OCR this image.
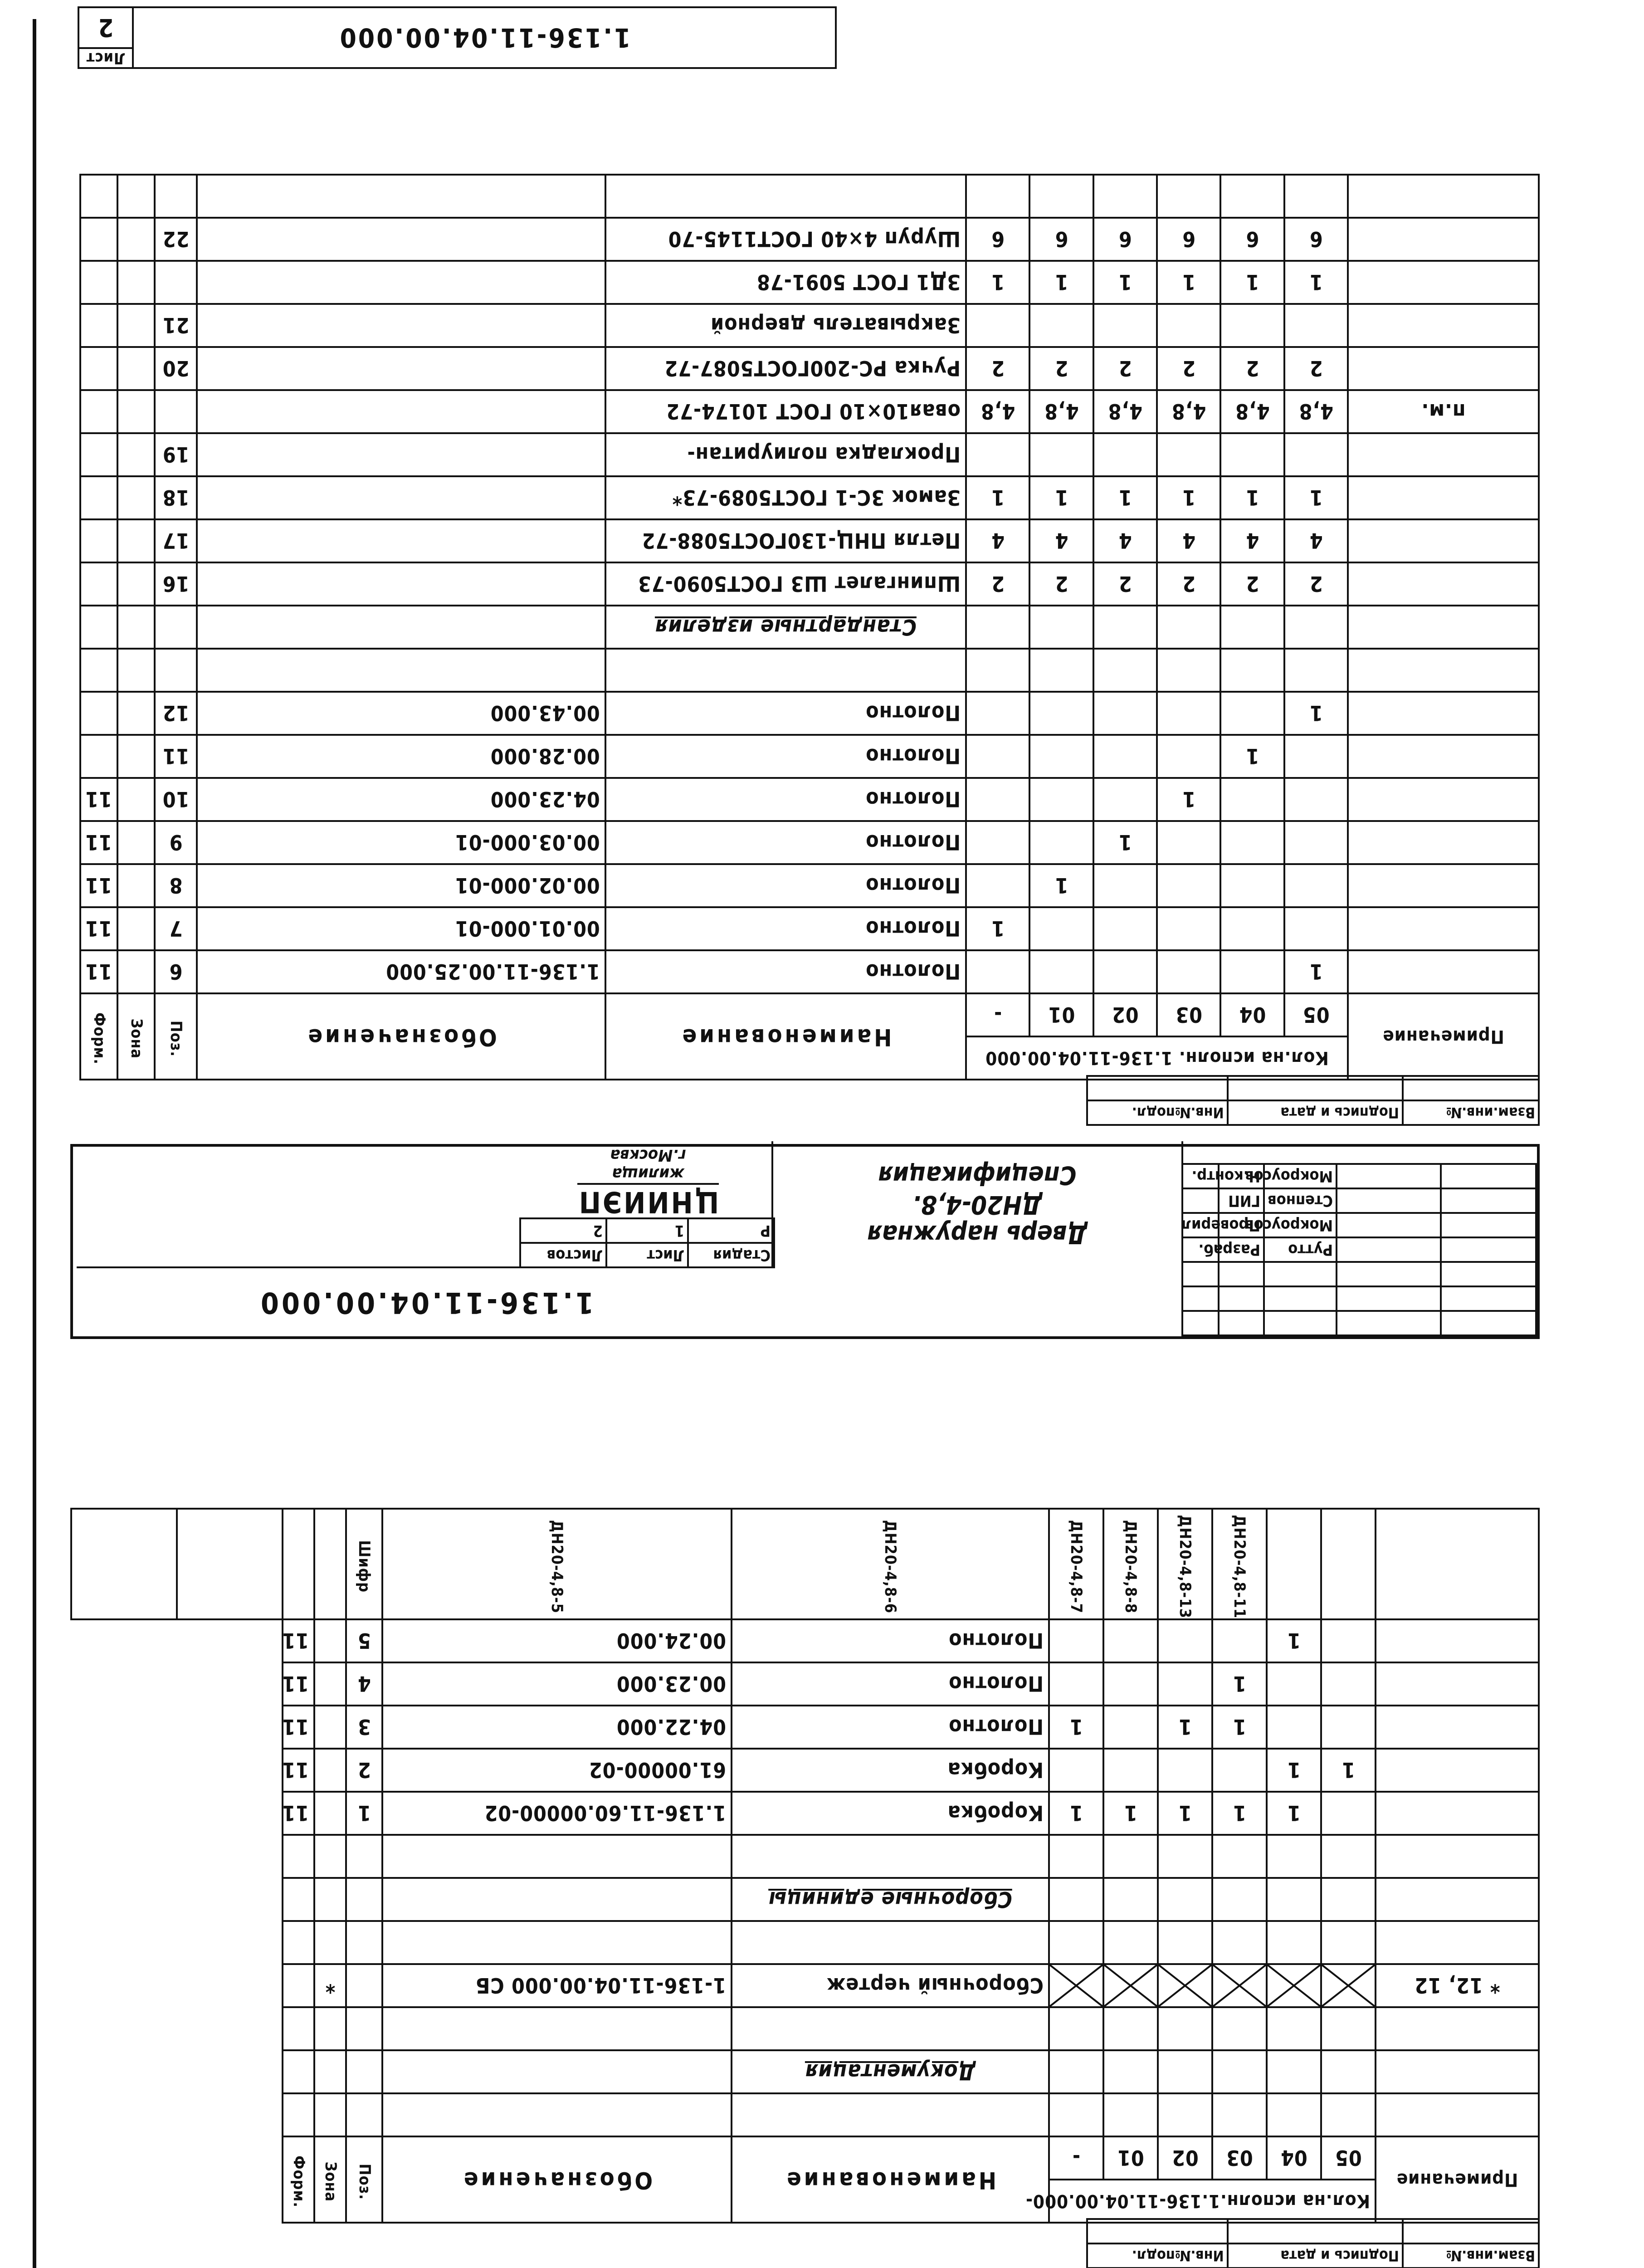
Взам.инв.№	Подпись и дата	Инв.№подл.

Примечание	Кол.на исполн. 1.136-11.04.00.000						Наименование	Обозначение	Поз.	Зона	Форм.
	05	04	03	02	01	-					
	1						Полотно	1.136-11.00.25.000	6		11
						1	Полотно	00.01.000-01	7		11
					1		Полотно	00.02.000-01	8		11
				1			Полотно	00.03.000-01	9		11
			1				Полотно	04.23.000	10		11
		1					Полотно	00.28.000	11		
	1						Полотно	00.43.000	12		

							Стандартные изделия				
	2	2	2	2	2	2	Шпингалет Ш3 ГОСТ5090-73		16		
	4	4	4	4	4	4	Петля ПНЦ-130ГОСТ5088-72		17		
	1	1	1	1	1	1	Замок 3С-1 ГОСТ5089-73*		18		
							Прокладка полиуритан-		19		
п.м.	4,8	4,8	4,8	4,8	4,8	4,8	овая10×10 ГОСТ 10174-72				
	2	2	2	2	2	2	Ручка РС-200ГОСТ5087-72		20		
							Закрыватель дверной		21		
	1	1	1	1	1	1	ЗД1 ГОСТ 5091-78				
	6	6	6	6	6	6	Шуруп 4×40 ГОСТ1145-70		22		

1.136-11.04.00.000	Лист
2
Взам.инв.№	Подпись и дата	Инв.№подл.

Примечание	Кол.на исполн.1.136-11.04.00.000-						Наименование	Обозначение	Поз.	Зона	Форм.		
	05	04	03	02	01	-							

							Документация						

* 12, 12							Сборочный чертеж	1-136-11.04.00.000 СБ		*			

							Сборочные единицы						

		1	1	1	1	1	Коробка	1.136-11.60.00000-02	1		11		
	1	1					Коробка	61.00000-02	2		11		
			1	1		1	Полотно	04.22.000	3		11		
			1				Полотно	00.23.000	4		11		
		1					Полотно	00.24.000	5		11		
			ДН20-4,8-11	ДН20-4,8-13	ДН20-4,8-8	ДН20-4,8-7	ДН20-4,8-6	ДН20-4,8-5	Шифр				
1.136-11.04.00.000

		Рутто	Разраб.	
		Мокроусов	Проверил	
		Степнов	ГИП	
		Мокроусов	Н.контр.	
Дверь наружная
ДН20-4,8.
Спецификация
Стадия	Лист	Листов
Р	1	2
ЦНИИЭП
жилища
г.Москва
